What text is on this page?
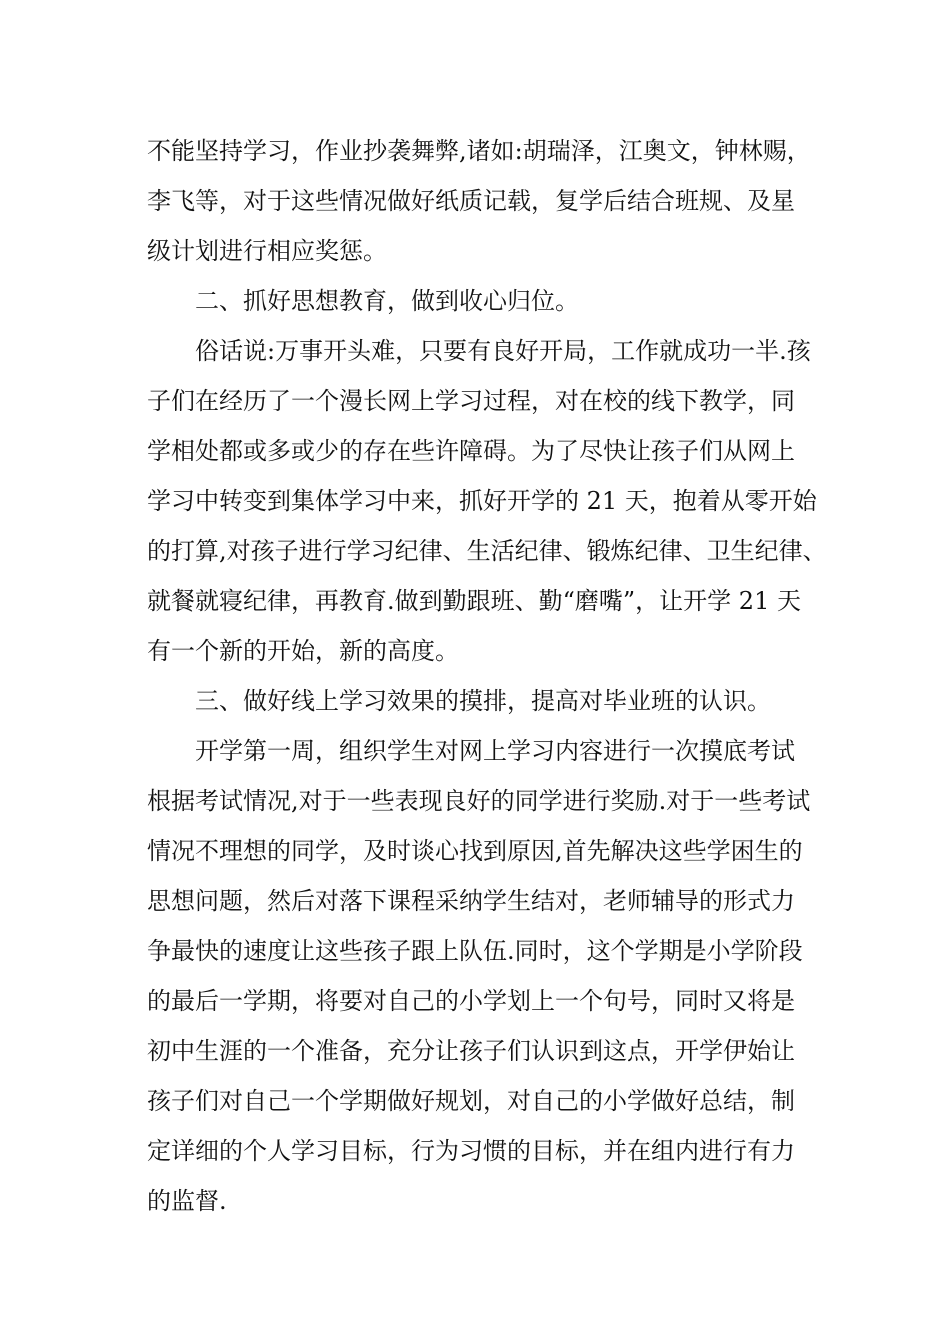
不能坚持学习，作业抄袭舞弊,诸如:胡瑞泽，江奥文，钟林赐，

李飞等，对于这些情况做好纸质记载，复学后结合班规、及星

级计划进行相应奖惩。

二、抓好思想教育，做到收心归位。

俗话说:万事开头难，只要有良好开局，工作就成功一半.孩

子们在经历了一个漫长网上学习过程，对在校的线下教学，同

学相处都或多或少的存在些许障碍。为了尽快让孩子们从网上

学习中转变到集体学习中来，抓好开学的 21 天，抱着从零开始

的打算,对孩子进行学习纪律、生活纪律、锻炼纪律、卫生纪律、

就餐就寝纪律，再教育.做到勤跟班、勤“磨嘴”，让开学 21 天

有一个新的开始，新的高度。

三、做好线上学习效果的摸排，提高对毕业班的认识。

开学第一周，组织学生对网上学习内容进行一次摸底考试

根据考试情况,对于一些表现良好的同学进行奖励.对于一些考试

情况不理想的同学，及时谈心找到原因,首先解决这些学困生的

思想问题，然后对落下课程采纳学生结对，老师辅导的形式力

争最快的速度让这些孩子跟上队伍.同时，这个学期是小学阶段

的最后一学期，将要对自己的小学划上一个句号，同时又将是

初中生涯的一个准备，充分让孩子们认识到这点，开学伊始让

孩子们对自己一个学期做好规划，对自己的小学做好总结，制

定详细的个人学习目标，行为习惯的目标，并在组内进行有力

的监督.
